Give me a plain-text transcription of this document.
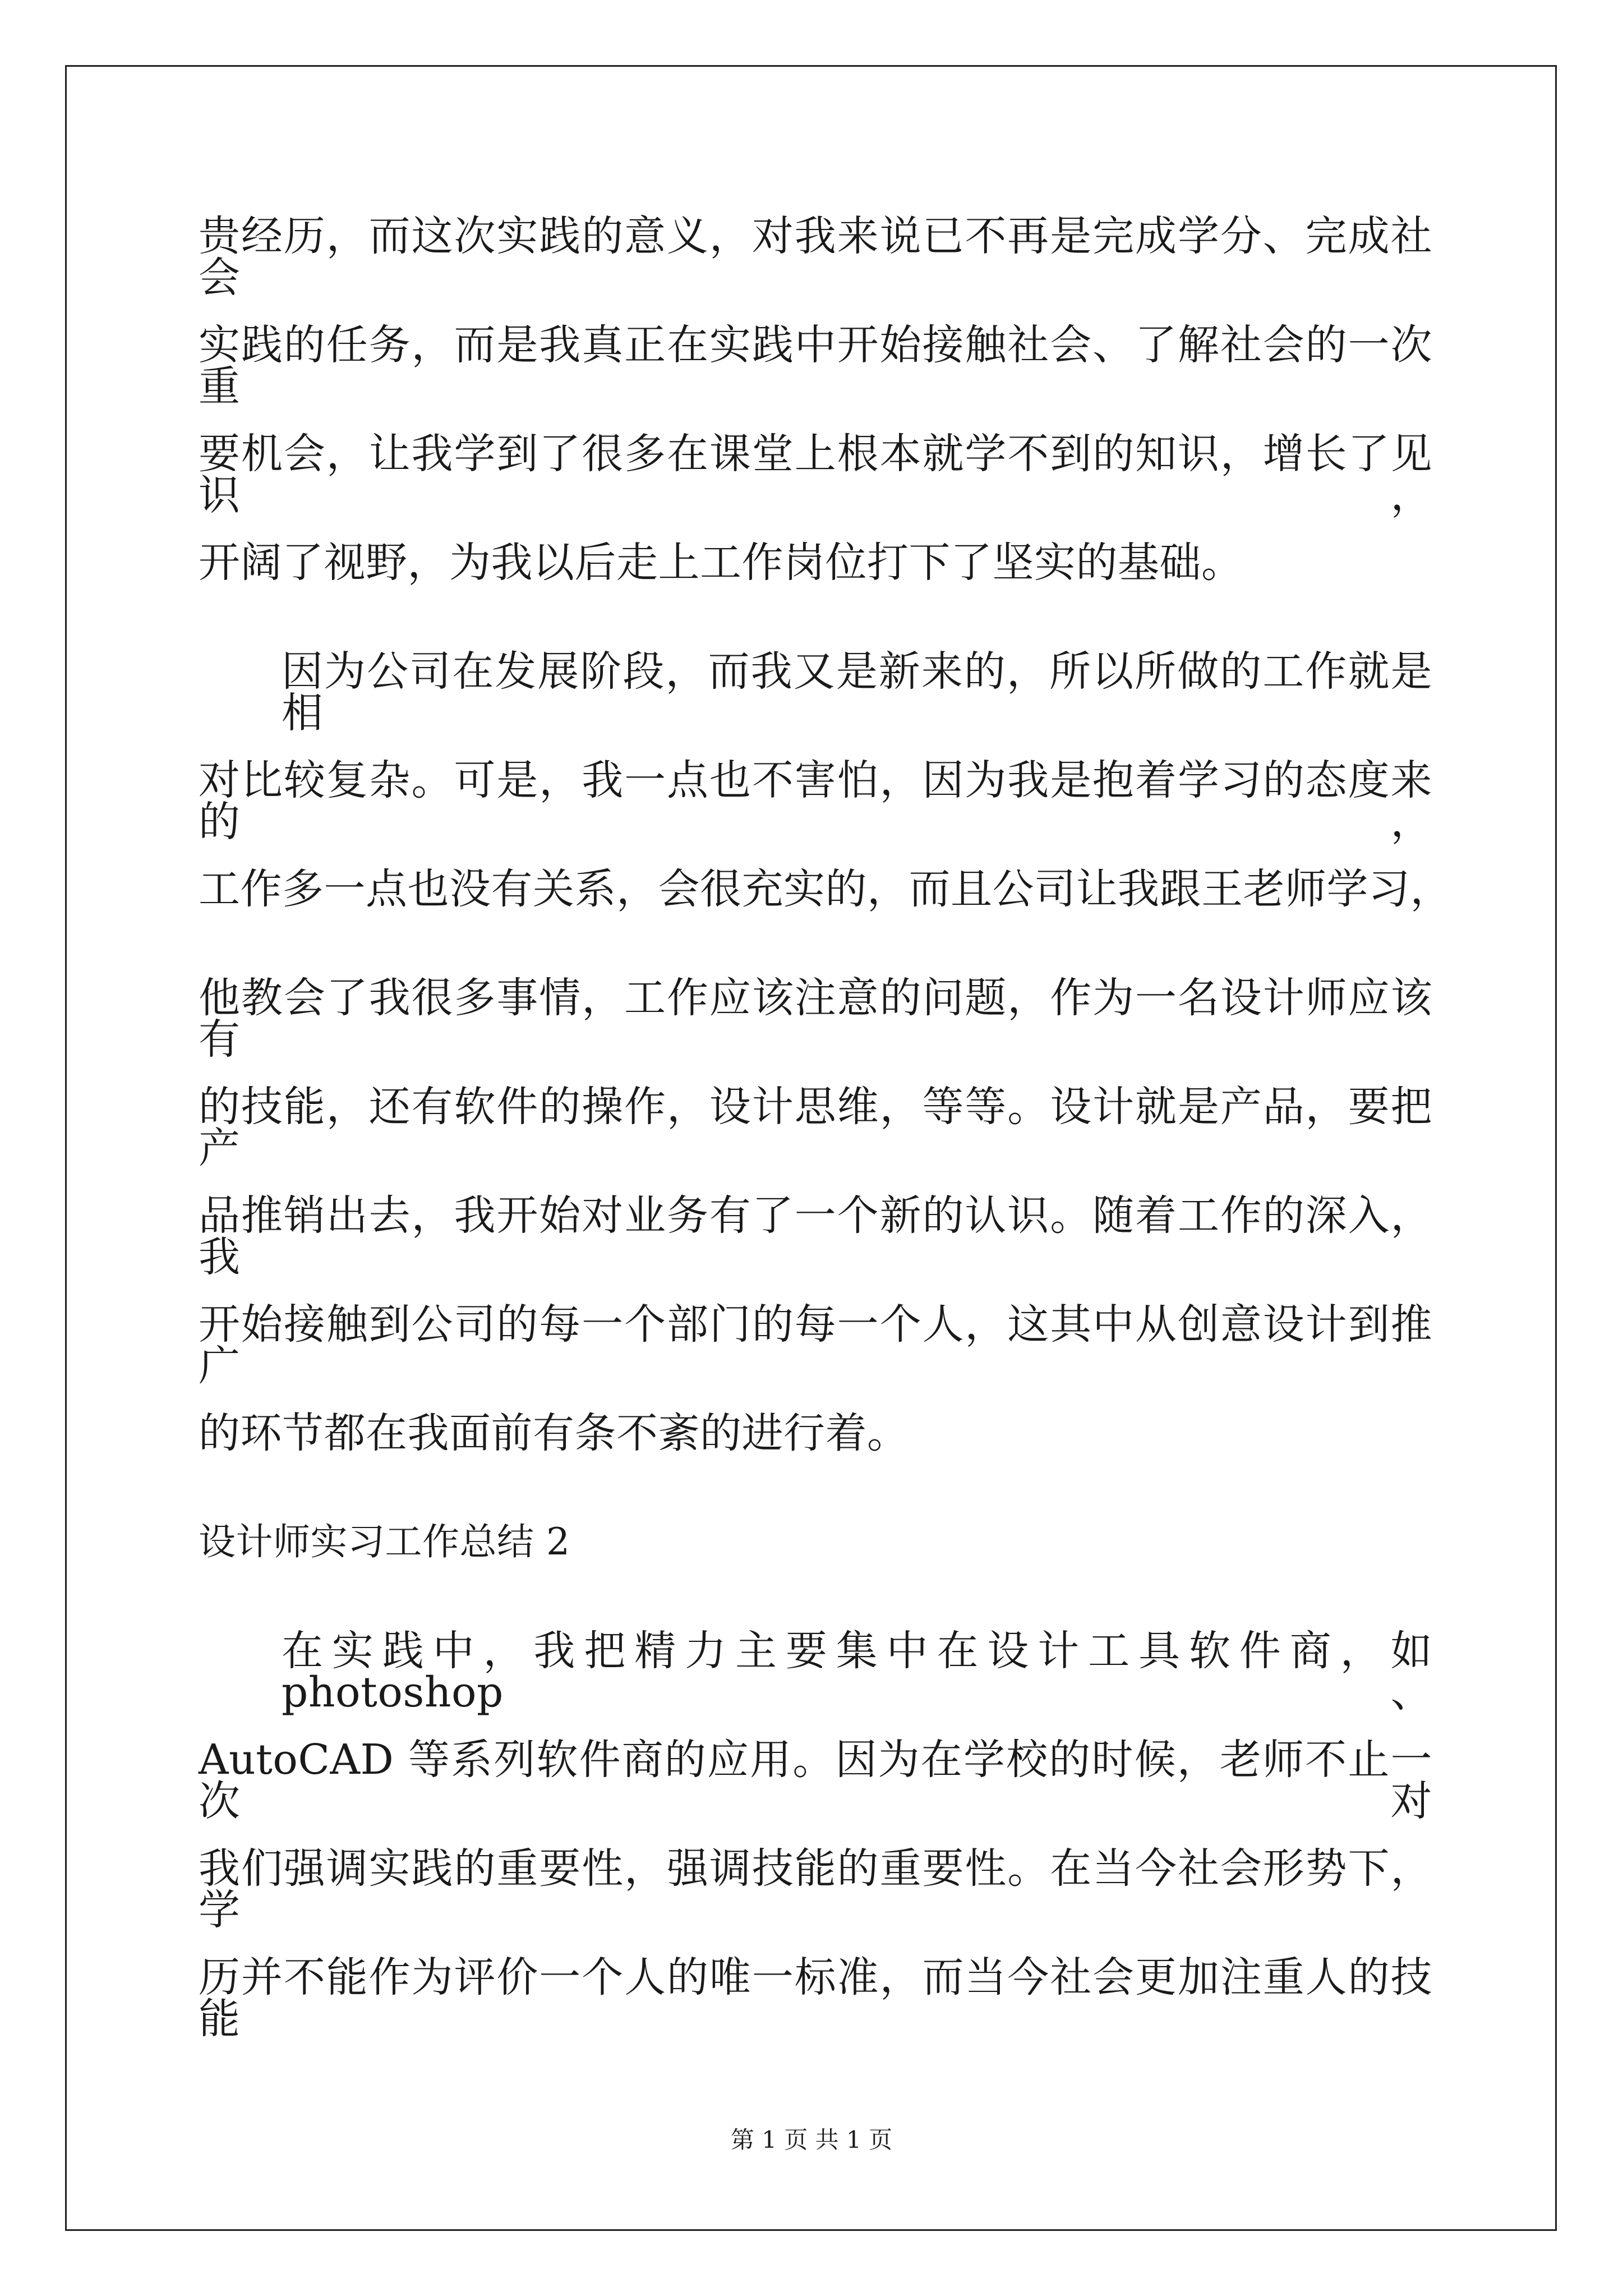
贵经历，而这次实践的意义，对我来说已不再是完成学分、完成社会

实践的任务，而是我真正在实践中开始接触社会、了解社会的一次重

要机会，让我学到了很多在课堂上根本就学不到的知识，增长了见识，

开阔了视野，为我以后走上工作岗位打下了坚实的基础。

因为公司在发展阶段，而我又是新来的，所以所做的工作就是相

对比较复杂。可是，我一点也不害怕，因为我是抱着学习的态度来的，

工作多一点也没有关系，会很充实的，而且公司让我跟王老师学习，

他教会了我很多事情，工作应该注意的问题，作为一名设计师应该有

的技能，还有软件的操作，设计思维，等等。设计就是产品，要把产

品推销出去，我开始对业务有了一个新的认识。随着工作的深入，我

开始接触到公司的每一个部门的每一个人，这其中从创意设计到推广

的环节都在我面前有条不紊的进行着。

设计师实习工作总结 2

在实践中，我把精力主要集中在设计工具软件商，如 photoshop、

AutoCAD 等系列软件商的应用。因为在学校的时候，老师不止一次对

我们强调实践的重要性，强调技能的重要性。在当今社会形势下，学

历并不能作为评价一个人的唯一标准，而当今社会更加注重人的技能

第 1 页 共 1 页
